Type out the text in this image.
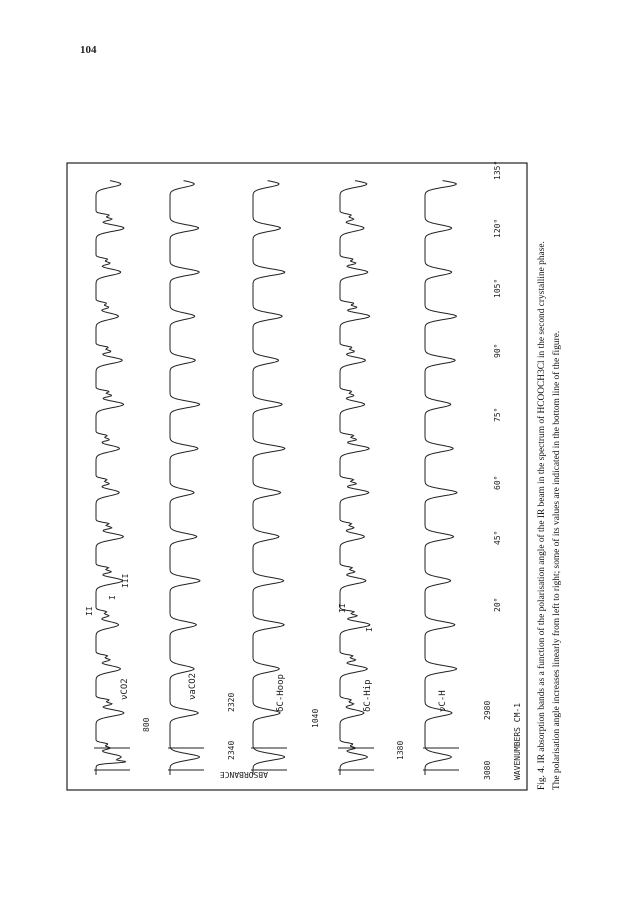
104
νCO2	νaCO2	δC-Hoop	δC-Hip	νC-H
800
2340
2320
1040
1380
3080
2980
II
I
III
II
I
ABSORBANCE	WAVENUMBERS CM-1
20°
45°
60°
75°
90°
105°
120°
135°
Fig. 4. IR absorption bands as a function of the polarisation angle of the IR beam in the spectrum of HCOOCH3Cl in the second crystalline phase. The polarisation angle increases linearly from left to right; some of its values are indicated in the bottom line of the figure.
